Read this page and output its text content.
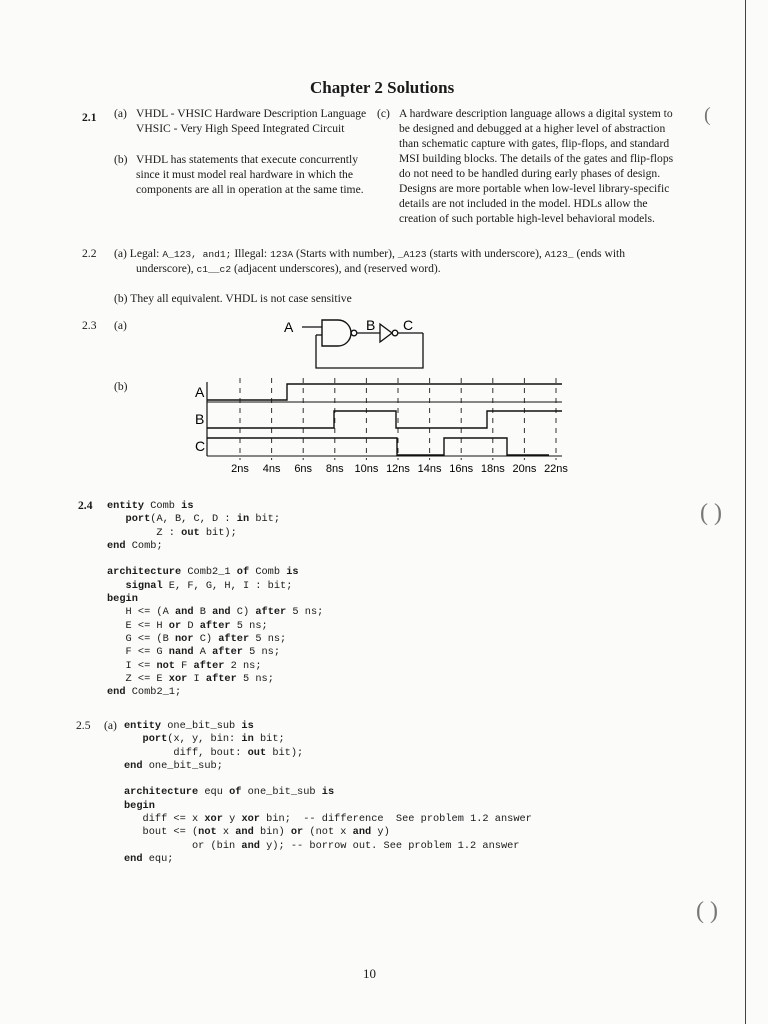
(
( )
( )
Chapter 2 Solutions
2.1 (a) VHDL - VHSIC Hardware Description Language
VHSIC - Very High Speed Integrated Circuit
(b) VHDL has statements that execute concurrently
since it must model real hardware in which the
components are all in operation at the same time.
(c) A hardware description language allows a digital system to
be designed and debugged at a higher level of abstraction
than schematic capture with gates, flip-flops, and standard
MSI building blocks. The details of the gates and flip-flops
do not need to be handled during early phases of design.
Designs are more portable when low-level library-specific
details are not included in the model. HDLs allow the
creation of such portable high-level behavioral models.
2.2 (a) Legal: A_123, and1; Illegal: 123A (Starts with number), _A123 (starts with underscore), A123_ (ends with
underscore), c1__c2 (adjacent underscores), and (reserved word).
(b) They all equivalent. VHDL is not case sensitive
2.3 (a)	A	B C
(b)	A
B
C
2ns 4ns 6ns 8ns 10ns 12ns 14ns 16ns 18ns 20ns 22ns
2.4 entity Comb is
port(A, B, C, D : in bit;
Z : out bit);
end Comb;

architecture Comb2_1 of Comb is
signal E, F, G, H, I : bit;
begin
H <= (A and B and C) after 5 ns;
E <= H or D after 5 ns;
G <= (B nor C) after 5 ns;
F <= G nand A after 5 ns;
I <= not F after 2 ns;
Z <= E xor I after 5 ns;
end Comb2_1;
2.5 (a) entity one_bit_sub is
port(x, y, bin: in bit;
diff, bout: out bit);
end one_bit_sub;

architecture equ of one_bit_sub is
begin
diff <= x xor y xor bin;  -- difference  See problem 1.2 answer
bout <= (not x and bin) or (not x and y)
or (bin and y); -- borrow out. See problem 1.2 answer
end equ;
10
